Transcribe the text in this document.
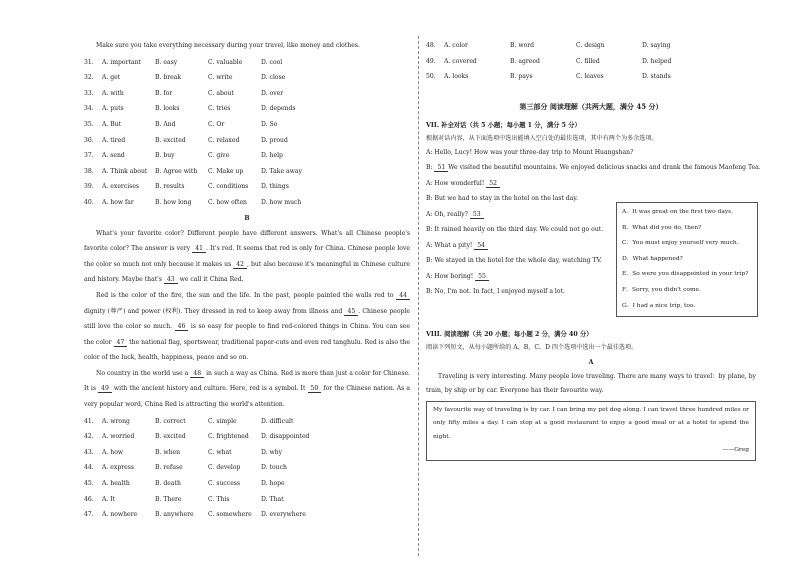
Make sure you take everything necessary during your travel, like money and clothes.

31.	A. important	B. easy	C. valuable	D. cool
32.	A. get	B. break	C. write	D. close
33.	A. with	B. for	C. about	D. over
34.	A. puts	B. looks	C. tries	D. depends
35.	A. But	B. And	C. Or	D. So
36.	A. tired	B. excited	C. relaxed	D. proud
37.	A. send	B. buy	C. give	D. help
38.	A. Think about	B. Agree with	C. Make up	D. Take away
39.	A. exercises	B. results	C. conditions	D. things
40.	A. how far	B. how long	C. how often	D. how much
B

What's your favorite color? Different people have different answers. What's all Chinese people's favorite color? The answer is very 41 . It's red. It seems that red is only for China. Chinese people love the color so much not only because it makes us 42 , but also because it's meaningful in Chinese culture and history. Maybe that's 43 we call it China Red.

Red is the color of the fire, the sun and the life. In the past, people painted the walls red to 44 dignity (尊严) and power (权利). They dressed in red to keep away from illness and 45 . Chinese people still love the color so much. 46 is so easy for people to find red-colored things in China. You can see the color 47 the national flag, sportswear, traditional paper-cuts and even red tanghulu. Red is also the color of the luck, health, happiness, peace and so on.

No country in the world use a 48 in such a way as China. Red is more than just a color for Chinese. It is 49 with the ancient history and culture. Here, red is a symbol. It 50 for the Chinese nation. As a very popular word, China Red is attracting the world's attention.

41.	A. wrong	B. correct	C. simple	D. difficult
42.	A. worried	B. excited	C. frightened	D. disappointed
43.	A. how	B. when	C. what	D. why
44.	A. express	B. refuse	C. develop	D. touch
45.	A. health	B. death	C. success	D. hope
46.	A. It	B. There	C. This	D. That
47.	A. nowhere	B. anywhere	C. somewhere	D. everywhere
48.	A. color	B. word	C. design	D. saying
49.	A. covered	B. agreed	C. filled	D. helped
50.	A. looks	B. pays	C. leaves	D. stands
第三部分 阅读理解（共两大题，满分 45 分）
VII. 补全对话（共 5 小题；每小题 1 分，满分 5 分）
根据对话内容，从下面选项中选出能填入空白处的最佳选项，其中有两个为多余选项。
A: Hello, Lucy! How was your three-day trip to Mount Huangshan?
B: 51 We visited the beautiful mountains. We enjoyed delicious snacks and drank the famous Maofeng Tea.
A: How wonderful! 52
B: But we had to stay in the hotel on the last day.
A: Oh, really? 53
B: It rained heavily on the third day. We could not go out.
A: What a pity! 54
B: We stayed in the hotel for the whole day, watching TV.
A: How boring! 55
B: No, I'm not. In fact, I enjoyed myself a lot.
VIII. 阅读理解（共 20 小题；每小题 2 分，满分 40 分）
阅读下列短文，从每小题所给的 A、B、C、D 四个选项中选出一个最佳选项。
A

Traveling is very interesting. Many people love traveling. There are many ways to travel：by plane, by train, by ship or by car. Everyone has their favourite way.

My favourite way of traveling is by car. I can bring my pet dog along. I can travel three hundred miles or only fifty miles a day. I can stop at a good restaurant to enjoy a good meal or at a hotel to spend the night.
——Greg
A．It was great on the first two days.
B．What did you do, then?
C．You must enjoy yourself very much.
D．What happened?
E．So were you disappointed in your trip?
F．Sorry, you didn't come.
G．I had a nice trip, too.
